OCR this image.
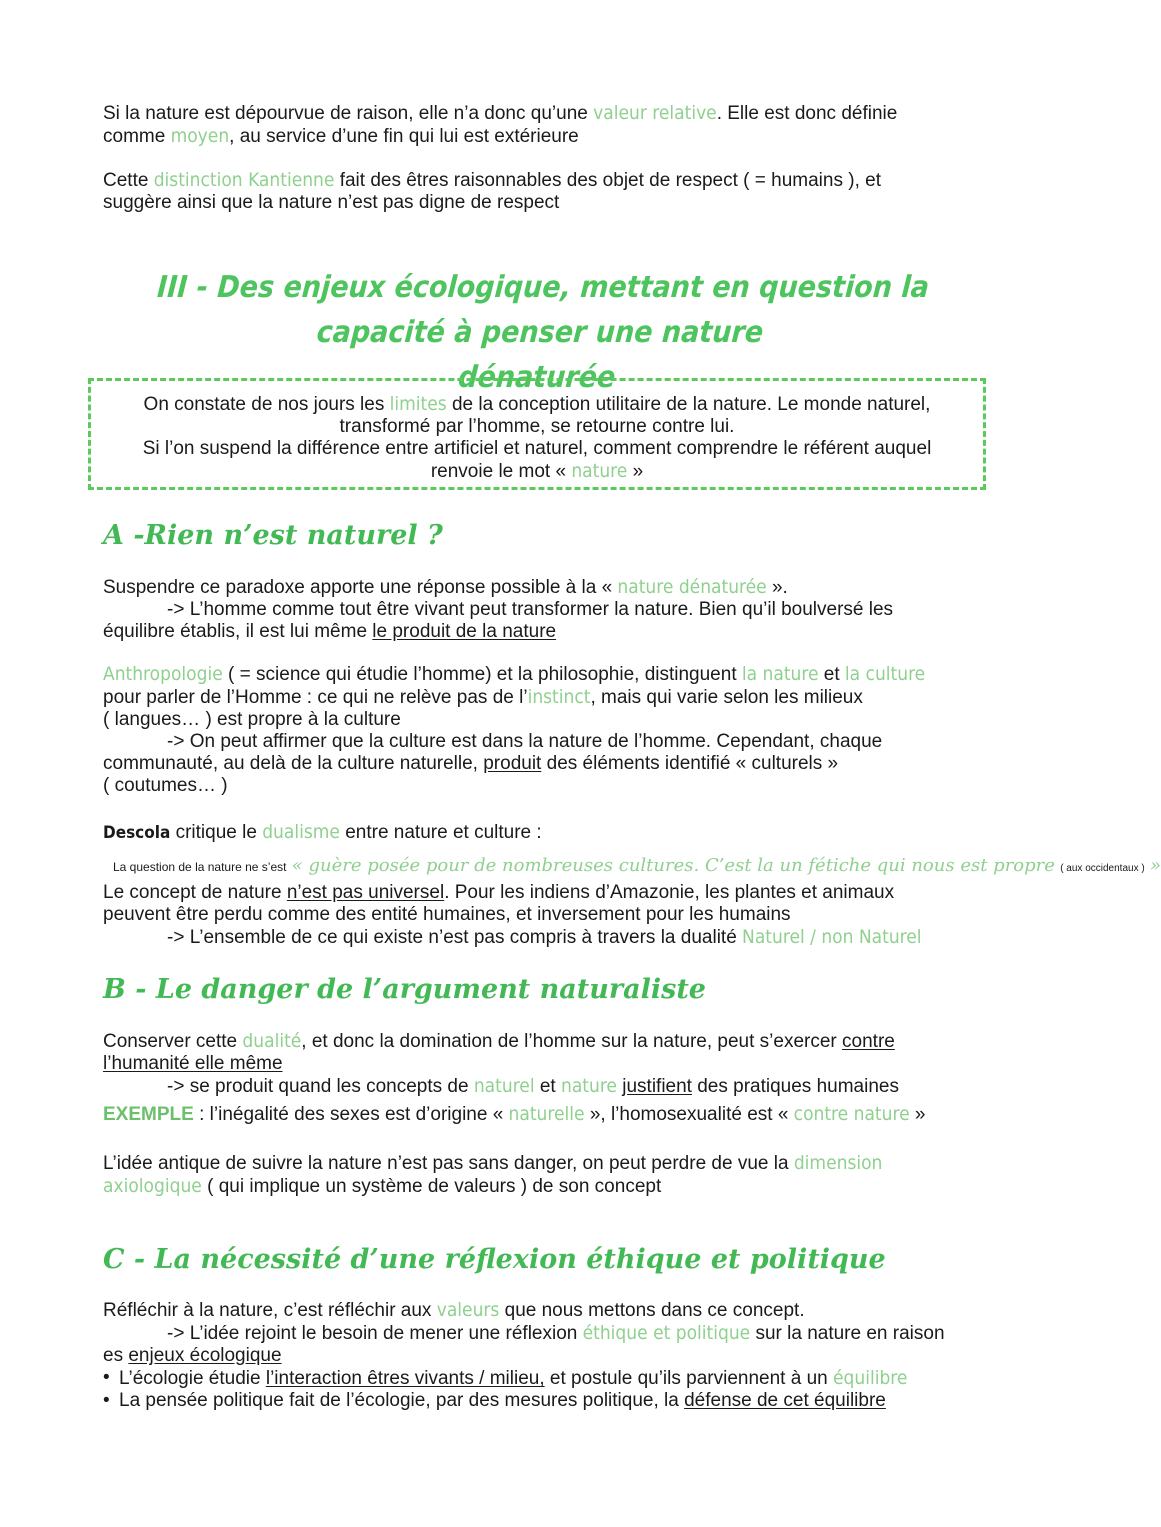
Si la nature est dépourvue de raison, elle n’a donc qu’une valeur relative. Elle est donc définie
comme moyen, au service d’une fin qui lui est extérieure
Cette distinction Kantienne fait des êtres raisonnables des objet de respect ( = humains ), et
suggère ainsi que la nature n’est pas digne de respect
III - Des enjeux écologique, mettant en question la capacité à penser une nature
dénaturée
On constate de nos jours les limites de la conception utilitaire de la nature. Le monde naturel,
transformé par l’homme, se retourne contre lui.
Si l’on suspend la différence entre artificiel et naturel, comment comprendre le référent auquel
renvoie le mot « nature »
A -Rien n’est naturel ?
Suspendre ce paradoxe apporte une réponse possible à la « nature dénaturée ».
-> L’homme comme tout être vivant peut transformer la nature. Bien qu’il boulversé les
équilibre établis, il est lui même le produit de la nature
Anthropologie ( = science qui étudie l’homme) et la philosophie, distinguent la nature et la culture
pour parler de l’Homme : ce qui ne relève pas de l’instinct, mais qui varie selon les milieux
( langues… ) est propre à la culture
-> On peut affirmer que la culture est dans la nature de l’homme. Cependant, chaque
communauté, au delà de la culture naturelle, produit des éléments identifié « culturels »
( coutumes… )
Descola critique le dualisme entre nature et culture :
La question de la nature ne s’est « guère posée pour de nombreuses cultures. C’est la un fétiche qui nous est propre ( aux occidentaux ) »
Le concept de nature n’est pas universel. Pour les indiens d’Amazonie, les plantes et animaux
peuvent être perdu comme des entité humaines, et inversement pour les humains
-> L’ensemble de ce qui existe n’est pas compris à travers la dualité Naturel / non Naturel
B - Le danger de l’argument naturaliste
Conserver cette dualité, et donc la domination de l’homme sur la nature, peut s’exercer contre
l’humanité elle même
-> se produit quand les concepts de naturel et nature justifient des pratiques humaines
EXEMPLE : l’inégalité des sexes est d’origine « naturelle », l’homosexualité est « contre nature »
L’idée antique de suivre la nature n’est pas sans danger, on peut perdre de vue la dimension
axiologique ( qui implique un système de valeurs ) de son concept
C - La nécessité d’une réflexion éthique et politique
Réfléchir à la nature, c’est réfléchir aux valeurs que nous mettons dans ce concept.
-> L’idée rejoint le besoin de mener une réflexion éthique et politique sur la nature en raison
es enjeux écologique
• L’écologie étudie l’interaction êtres vivants / milieu, et postule qu’ils parviennent à un équilibre
• La pensée politique fait de l’écologie, par des mesures politique, la défense de cet équilibre
